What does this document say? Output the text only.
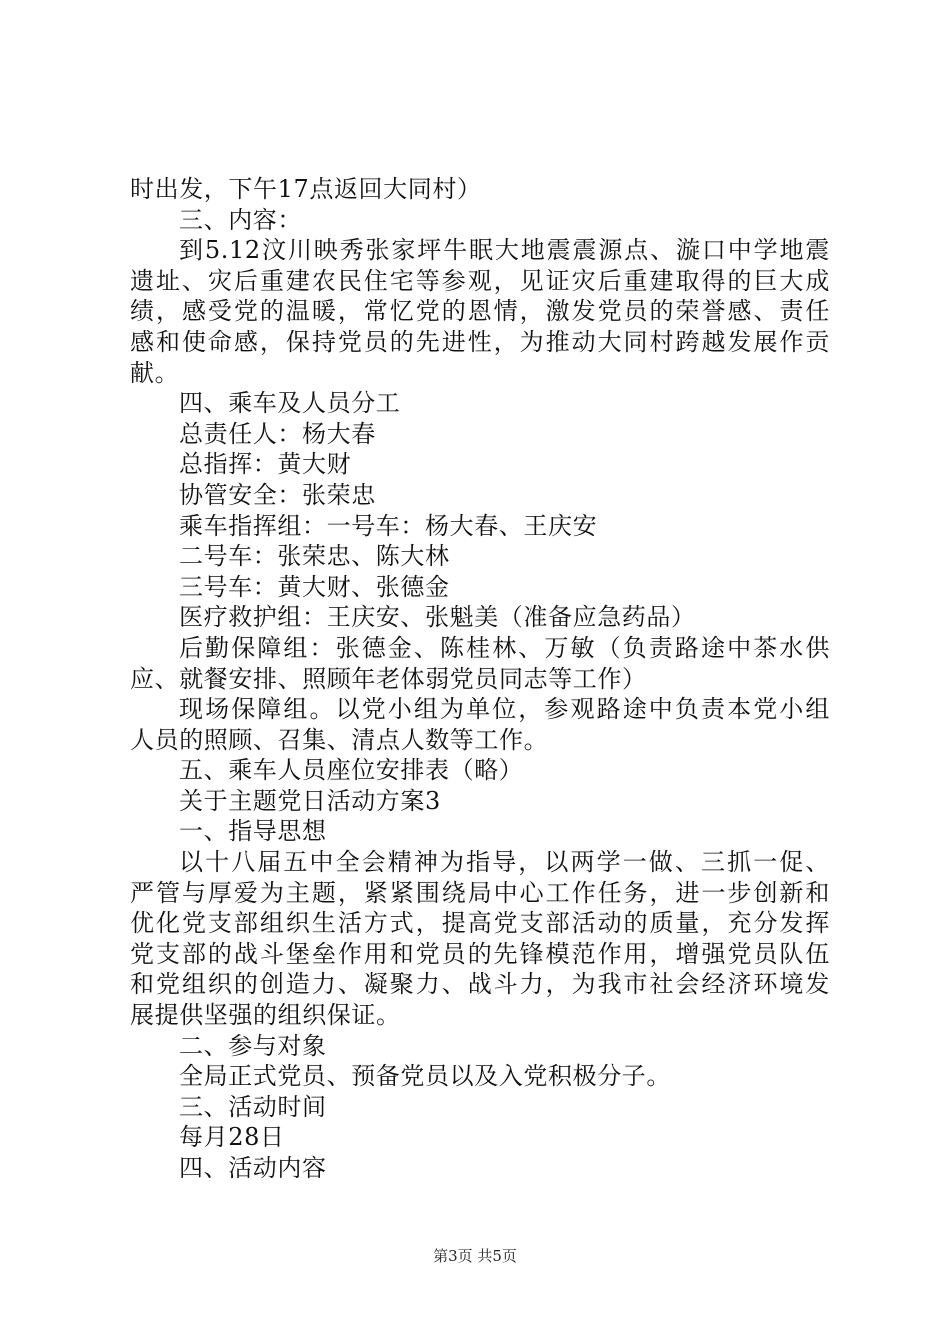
时出发，下午17点返回大同村）
三、内容：
到5.12汶川映秀张家坪牛眠大地震震源点、漩口中学地震
遗址、灾后重建农民住宅等参观，见证灾后重建取得的巨大成
绩，感受党的温暖，常忆党的恩情，激发党员的荣誉感、责任
感和使命感，保持党员的先进性，为推动大同村跨越发展作贡
献。
四、乘车及人员分工
总责任人：杨大春
总指挥：黄大财
协管安全：张荣忠
乘车指挥组：一号车：杨大春、王庆安
二号车：张荣忠、陈大林
三号车：黄大财、张德金
医疗救护组：王庆安、张魁美（准备应急药品）
后勤保障组：张德金、陈桂林、万敏（负责路途中茶水供
应、就餐安排、照顾年老体弱党员同志等工作）
现场保障组。以党小组为单位，参观路途中负责本党小组
人员的照顾、召集、清点人数等工作。
五、乘车人员座位安排表（略）
关于主题党日活动方案3
一、指导思想
以十八届五中全会精神为指导，以两学一做、三抓一促、
严管与厚爱为主题，紧紧围绕局中心工作任务，进一步创新和
优化党支部组织生活方式，提高党支部活动的质量，充分发挥
党支部的战斗堡垒作用和党员的先锋模范作用，增强党员队伍
和党组织的创造力、凝聚力、战斗力，为我市社会经济环境发
展提供坚强的组织保证。
二、参与对象
全局正式党员、预备党员以及入党积极分子。
三、活动时间
每月28日
四、活动内容
第3页 共5页
